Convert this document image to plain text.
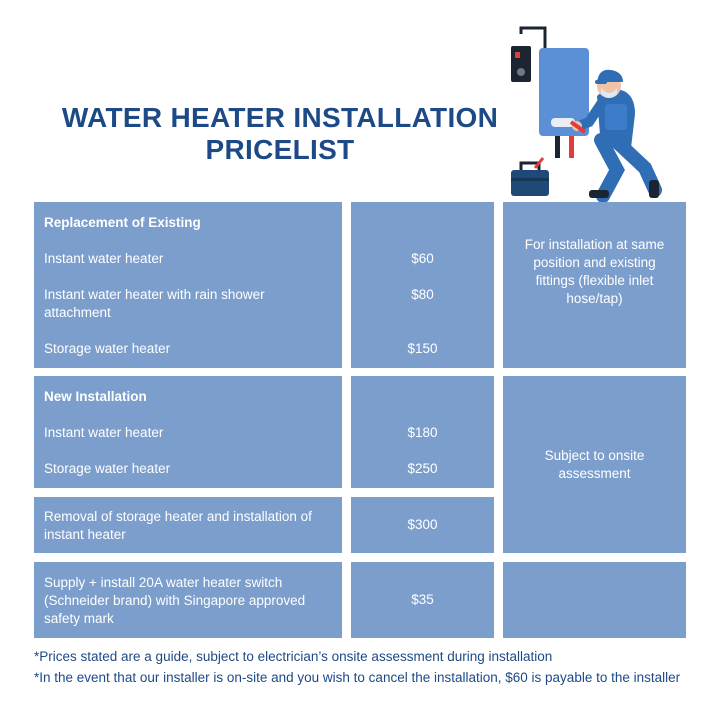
WATER HEATER INSTALLATION
PRICELIST
Replacement of Existing
Instant water heater
Instant water heater with rain shower attachment
Storage water heater
$60
$80
$150
For installation at same position and existing fittings (flexible inlet hose/tap)
New Installation
Instant water heater
Storage water heater
$180
$250
Subject to onsite assessment
Removal of storage heater and installation of instant heater
$300
Supply + install 20A water heater switch (Schneider brand) with Singapore approved safety mark
$35
*Prices stated are a guide, subject to electrician’s onsite assessment during installation
*In the event that our installer is on-site and you wish to cancel the installation, $60 is payable to the installer
